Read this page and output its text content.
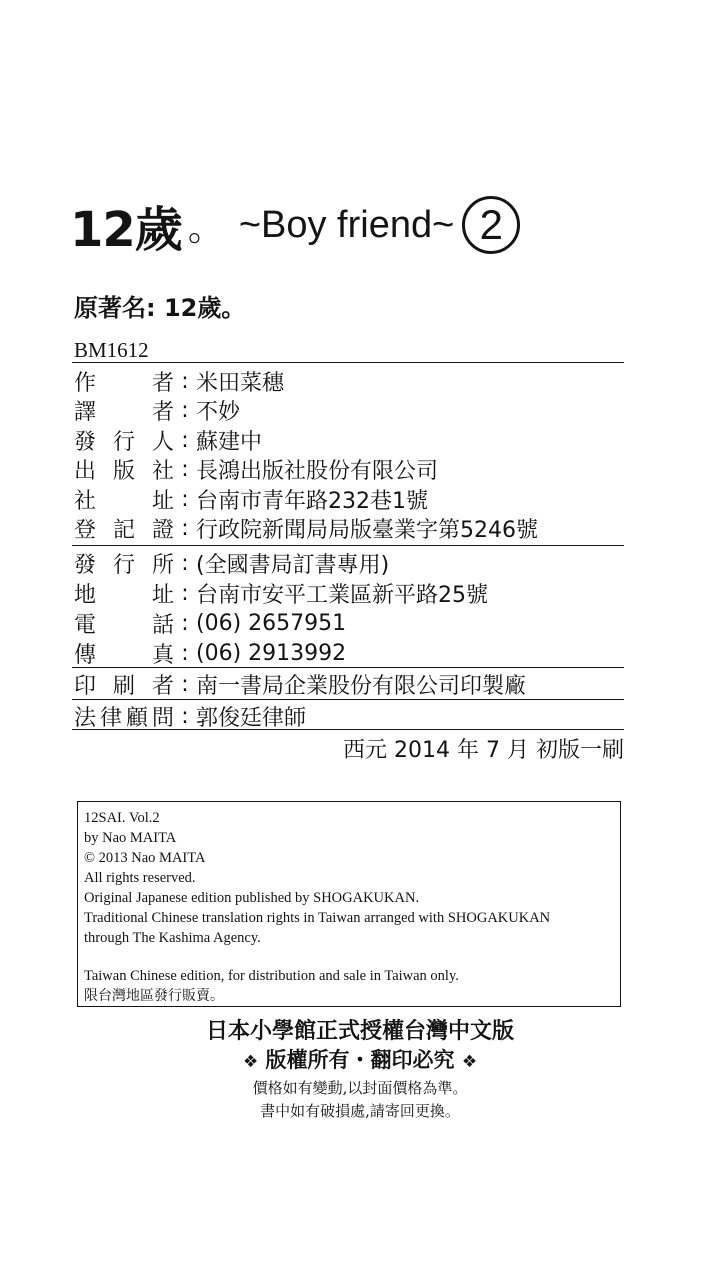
12歲 。 ~Boy friend~ 2
原著名: 12歲。
BM1612
作	者 : 米田菜穗
譯	者 : 不妙
發 行 人 : 蘇建中
出 版 社 : 長鴻出版社股份有限公司
社	址 : 台南市青年路232巷1號
登 記 證 : 行政院新聞局局版臺業字第5246號
發 行 所 : (全國書局訂書專用)
地	址 : 台南市安平工業區新平路25號
電	話 : (06) 2657951
傳	真 : (06) 2913992
印 刷 者 : 南一書局企業股份有限公司印製廠
法 律 顧 問 : 郭俊廷律師
西元 2014 年 7 月 初版一刷
12SAI. Vol.2
by Nao MAITA
© 2013 Nao MAITA
All rights reserved.
Original Japanese edition published by SHOGAKUKAN.
Traditional Chinese translation rights in Taiwan arranged with SHOGAKUKAN
through The Kashima Agency.
Taiwan Chinese edition, for distribution and sale in Taiwan only.
限台灣地區發行販賣。
日本小學館正式授權台灣中文版
❖ 版權所有・翻印必究 ❖
價格如有變動,以封面價格為準。
書中如有破損處,請寄回更換。
